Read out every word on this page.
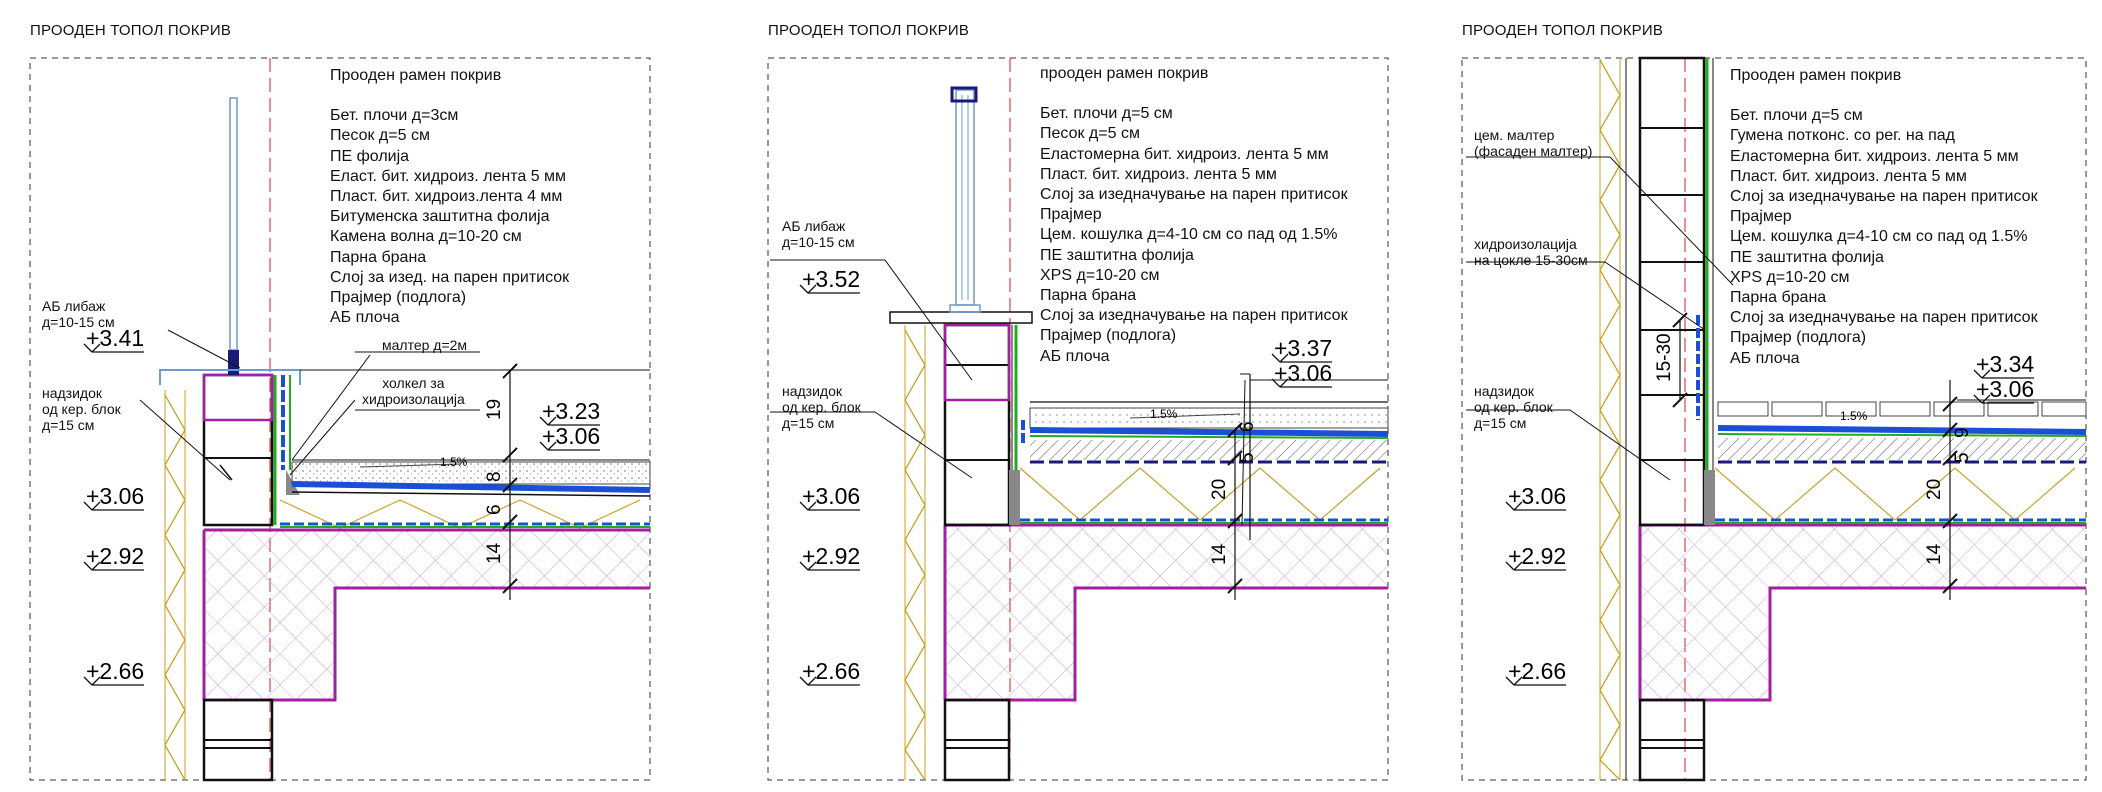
ПРООДЕН ТОПОЛ ПОКРИВ
+3.41
+3.06
+2.92
+2.66
+3.23
+3.06
19
8
6
14
1.5%
Прооден рамен покрив
Бет. плочи д=3см
Песок д=5 см
ПЕ фолија
Еласт. бит. хидроиз. лента 5 мм
Пласт. бит. хидроиз.лента 4 мм
Битуменска заштитна фолија
Камена волна д=10-20 см
Парна брана
Слој за изед. на парен притисок
Прајмер (подлога)
АБ плоча
АБ либаж
д=10-15 см
надзидок
од кер. блок
д=15 см
малтер д=2м
холкел за
хидроизолација
ПРООДЕН ТОПОЛ ПОКРИВ
+3.52
+3.06
+2.92
+2.66
+3.37
+3.06
6
5
20
14
1.5%
прооден рамен покрив
Бет. плочи д=5 см
Песок д=5 см
Еластомерна бит. хидроиз. лента 5 мм
Пласт. бит. хидроиз. лента 5 мм
Слој за изедначување на парен притисок
Прајмер
Цем. кошулка д=4-10 см со пад од 1.5%
ПЕ заштитна фолија
XPS д=10-20 см
Парна брана
Слој за изедначување на парен притисок
Прајмер (подлога)
АБ плоча
АБ либаж
д=10-15 см
надзидок
од кер. блок
д=15 см
ПРООДЕН ТОПОЛ ПОКРИВ
+3.06
+2.92
+2.66
+3.34
+3.06
9
5
20
14
15-30
1.5%
Прооден рамен покрив
Бет. плочи д=5 см
Гумена потконс. со рег. на пад
Еластомерна бит. хидроиз. лента 5 мм
Пласт. бит. хидроиз. лента 5 мм
Слој за изедначување на парен притисок
Прајмер
Цем. кошулка д=4-10 см со пад од 1.5%
ПЕ заштитна фолија
XPS д=10-20 см
Парна брана
Слој за изедначување на парен притисок
Прајмер (подлога)
АБ плоча
цем. малтер
(фасаден малтер)
хидроизолација
на цокле 15-30см
надзидок
од кер. блок
д=15 см
